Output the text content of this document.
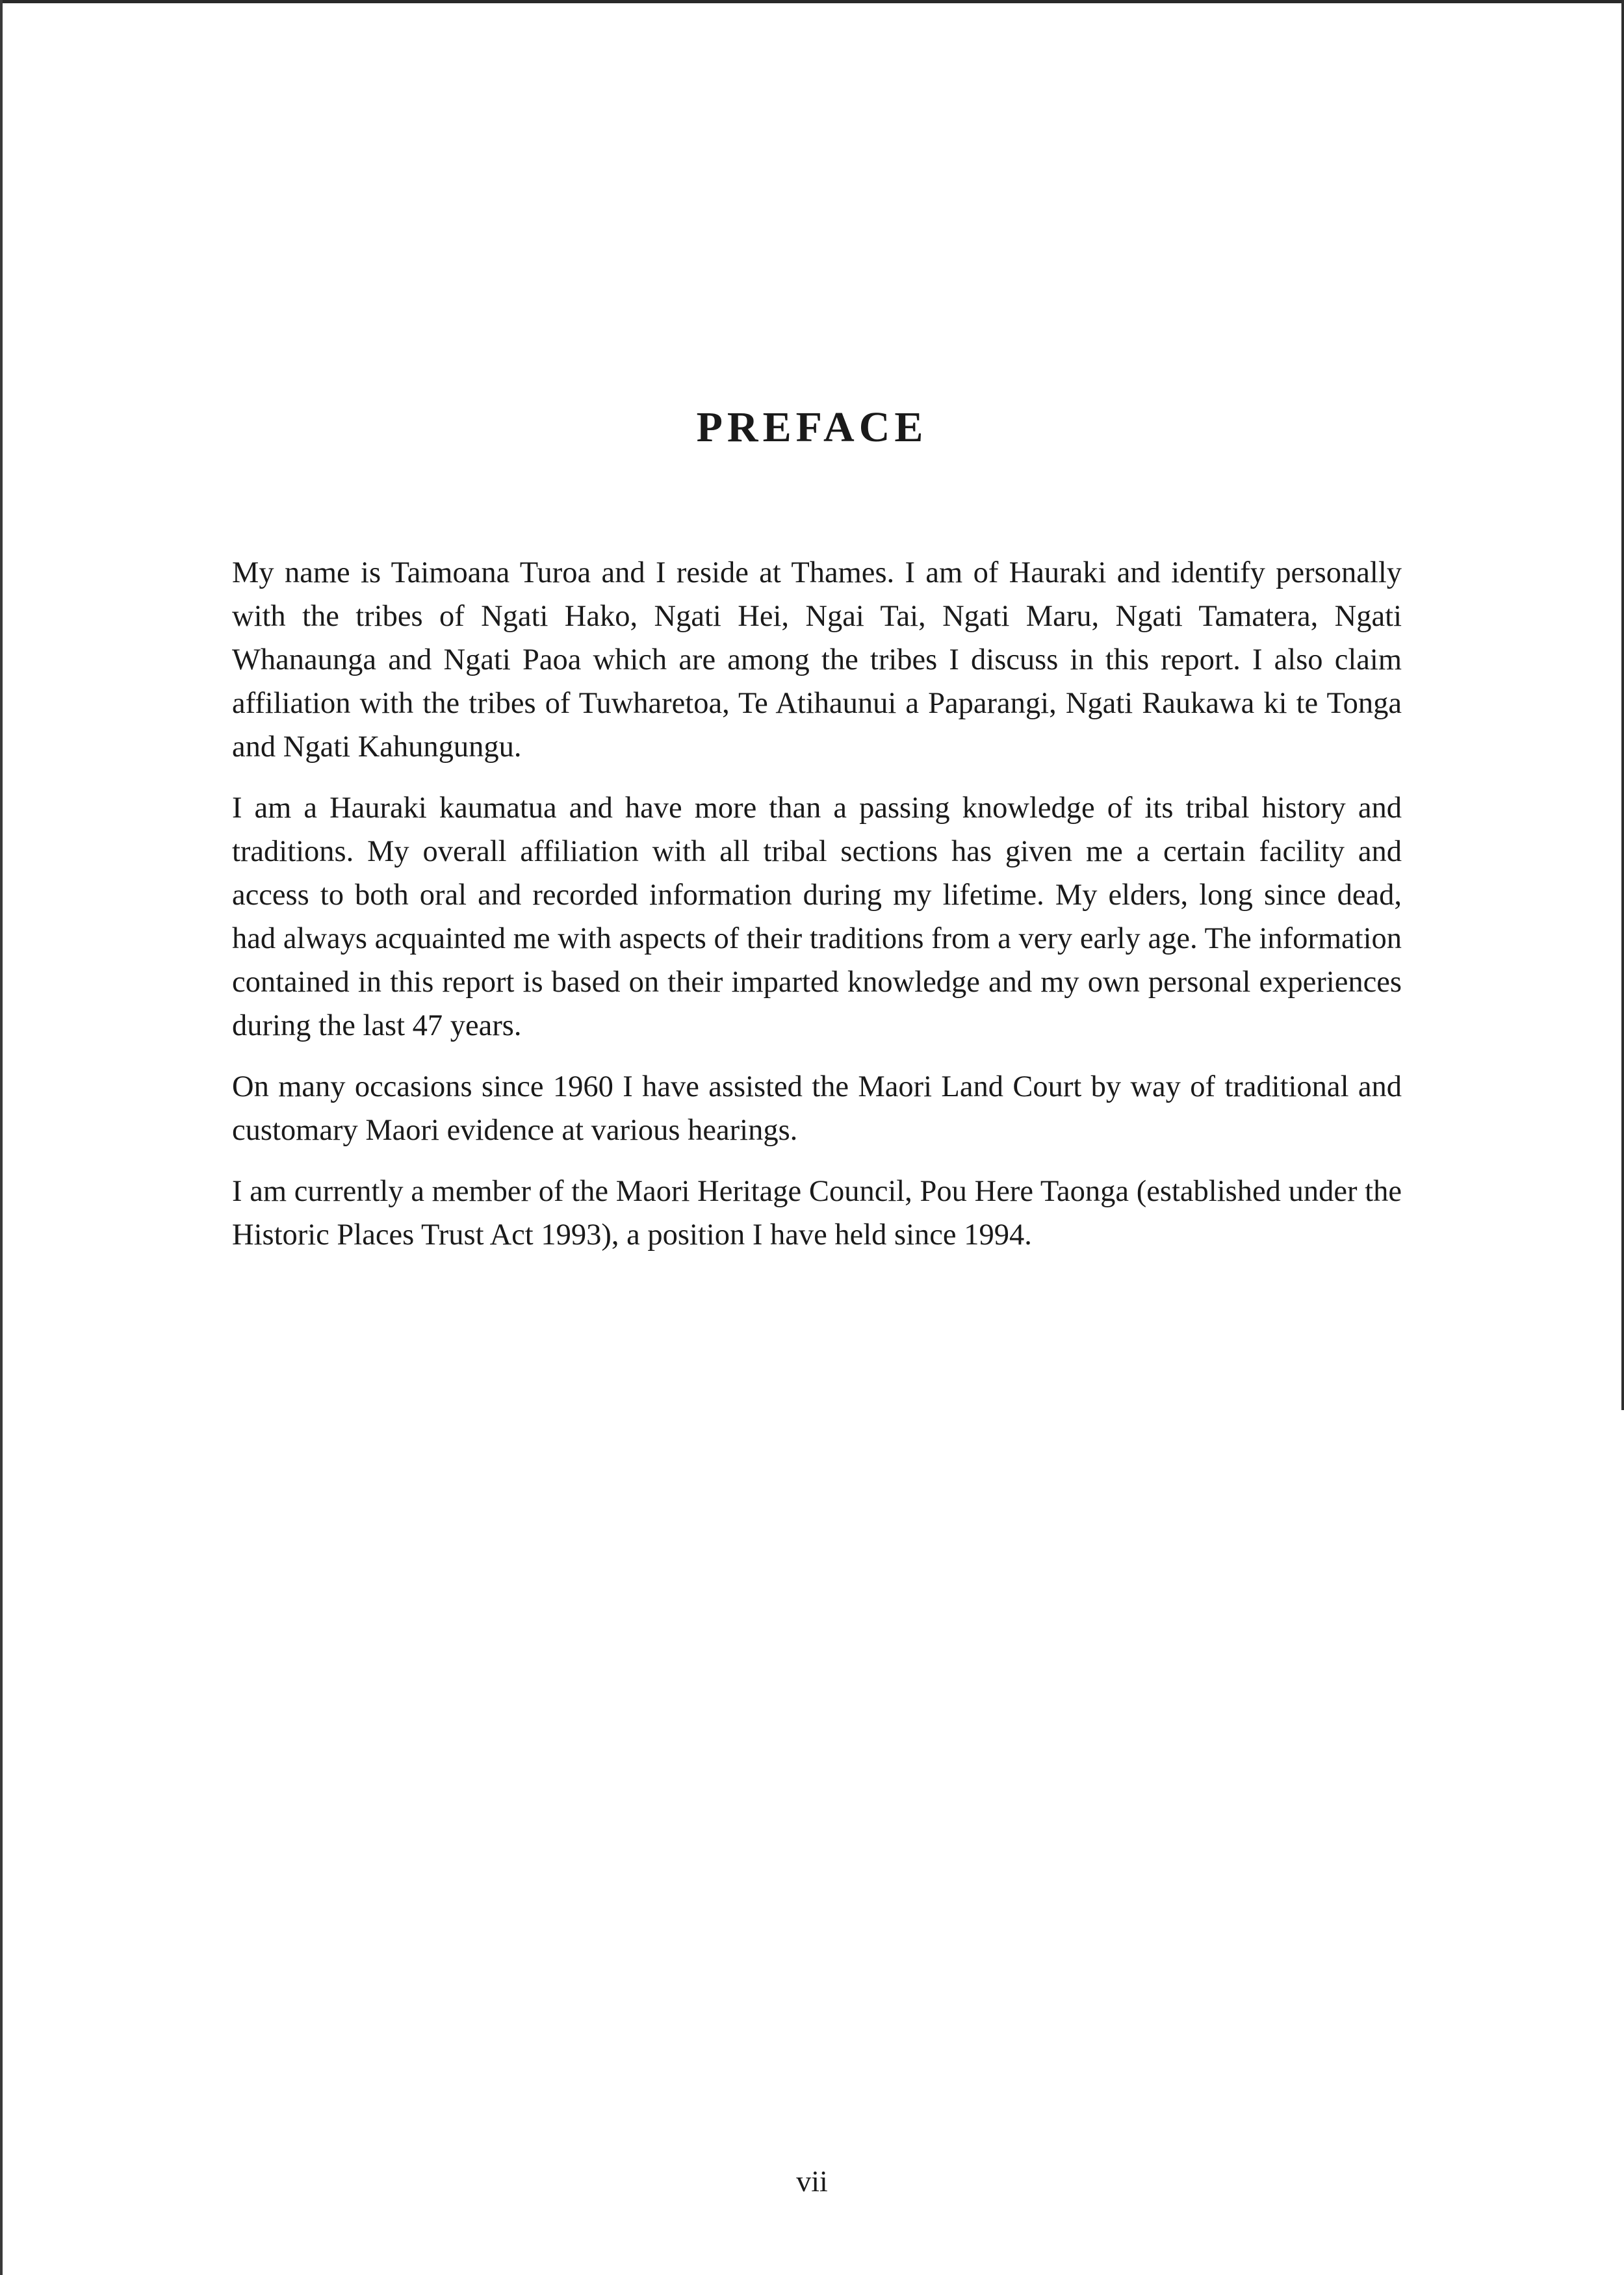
PREFACE

My name is Taimoana Turoa and I reside at Thames. I am of Hauraki and identify personally with the tribes of Ngati Hako, Ngati Hei, Ngai Tai, Ngati Maru, Ngati Tamatera, Ngati Whanaunga and Ngati Paoa which are among the tribes I discuss in this report. I also claim affiliation with the tribes of Tuwharetoa, Te Atihaunui a Paparangi, Ngati Raukawa ki te Tonga and Ngati Kahungungu.

I am a Hauraki kaumatua and have more than a passing knowledge of its tribal history and traditions. My overall affiliation with all tribal sections has given me a certain facility and access to both oral and recorded information during my lifetime. My elders, long since dead, had always acquainted me with aspects of their traditions from a very early age. The information contained in this report is based on their imparted knowledge and my own personal experiences during the last 47 years.

On many occasions since 1960 I have assisted the Maori Land Court by way of traditional and customary Maori evidence at various hearings.

I am currently a member of the Maori Heritage Council, Pou Here Taonga (established under the Historic Places Trust Act 1993), a position I have held since 1994.

vii
